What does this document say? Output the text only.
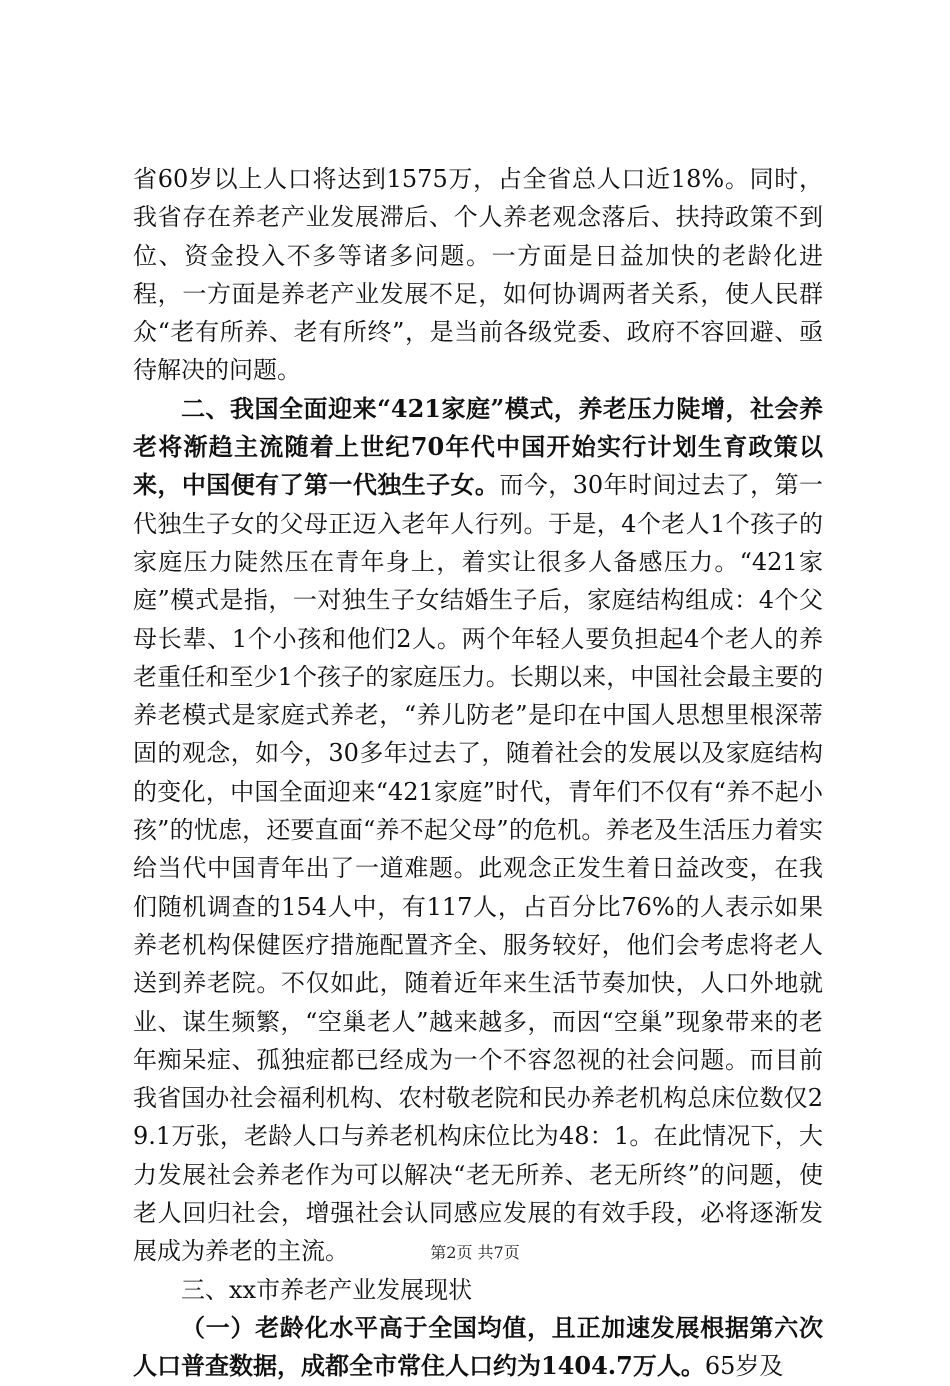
省60岁以上人口将达到1575万，占全省总人口近18%。同时，我省存在养老产业发展滞后、个人养老观念落后、扶持政策不到位、资金投入不多等诸多问题。一方面是日益加快的老龄化进程，一方面是养老产业发展不足，如何协调两者关系，使人民群众“老有所养、老有所终”，是当前各级党委、政府不容回避、亟待解决的问题。

二、我国全面迎来“421家庭”模式，养老压力陡增，社会养老将渐趋主流随着上世纪70年代中国开始实行计划生育政策以来，中国便有了第一代独生子女。而今，30年时间过去了，第一代独生子女的父母正迈入老年人行列。于是，4个老人1个孩子的家庭压力陡然压在青年身上，着实让很多人备感压力。“421家庭”模式是指，一对独生子女结婚生子后，家庭结构组成：4个父母长辈、1个小孩和他们2人。两个年轻人要负担起4个老人的养老重任和至少1个孩子的家庭压力。长期以来，中国社会最主要的养老模式是家庭式养老，“养儿防老”是印在中国人思想里根深蒂固的观念，如今，30多年过去了，随着社会的发展以及家庭结构的变化，中国全面迎来“421家庭”时代，青年们不仅有“养不起小孩”的忧虑，还要直面“养不起父母”的危机。养老及生活压力着实给当代中国青年出了一道难题。此观念正发生着日益改变，在我们随机调查的154人中，有117人，占百分比76%的人表示如果养老机构保健医疗措施配置齐全、服务较好，他们会考虑将老人送到养老院。不仅如此，随着近年来生活节奏加快，人口外地就业、谋生频繁，“空巢老人”越来越多，而因“空巢”现象带来的老年痴呆症、孤独症都已经成为一个不容忽视的社会问题。而目前我省国办社会福利机构、农村敬老院和民办养老机构总床位数仅29.1万张，老龄人口与养老机构床位比为48：1。在此情况下，大力发展社会养老作为可以解决“老无所养、老无所终”的问题，使老人回归社会，增强社会认同感应发展的有效手段，必将逐渐发展成为养老的主流。

三、xx市养老产业发展现状

（一）老龄化水平高于全国均值，且正加速发展根据第六次人口普查数据，成都全市常住人口约为1404.7万人。65岁及

第2页 共7页
